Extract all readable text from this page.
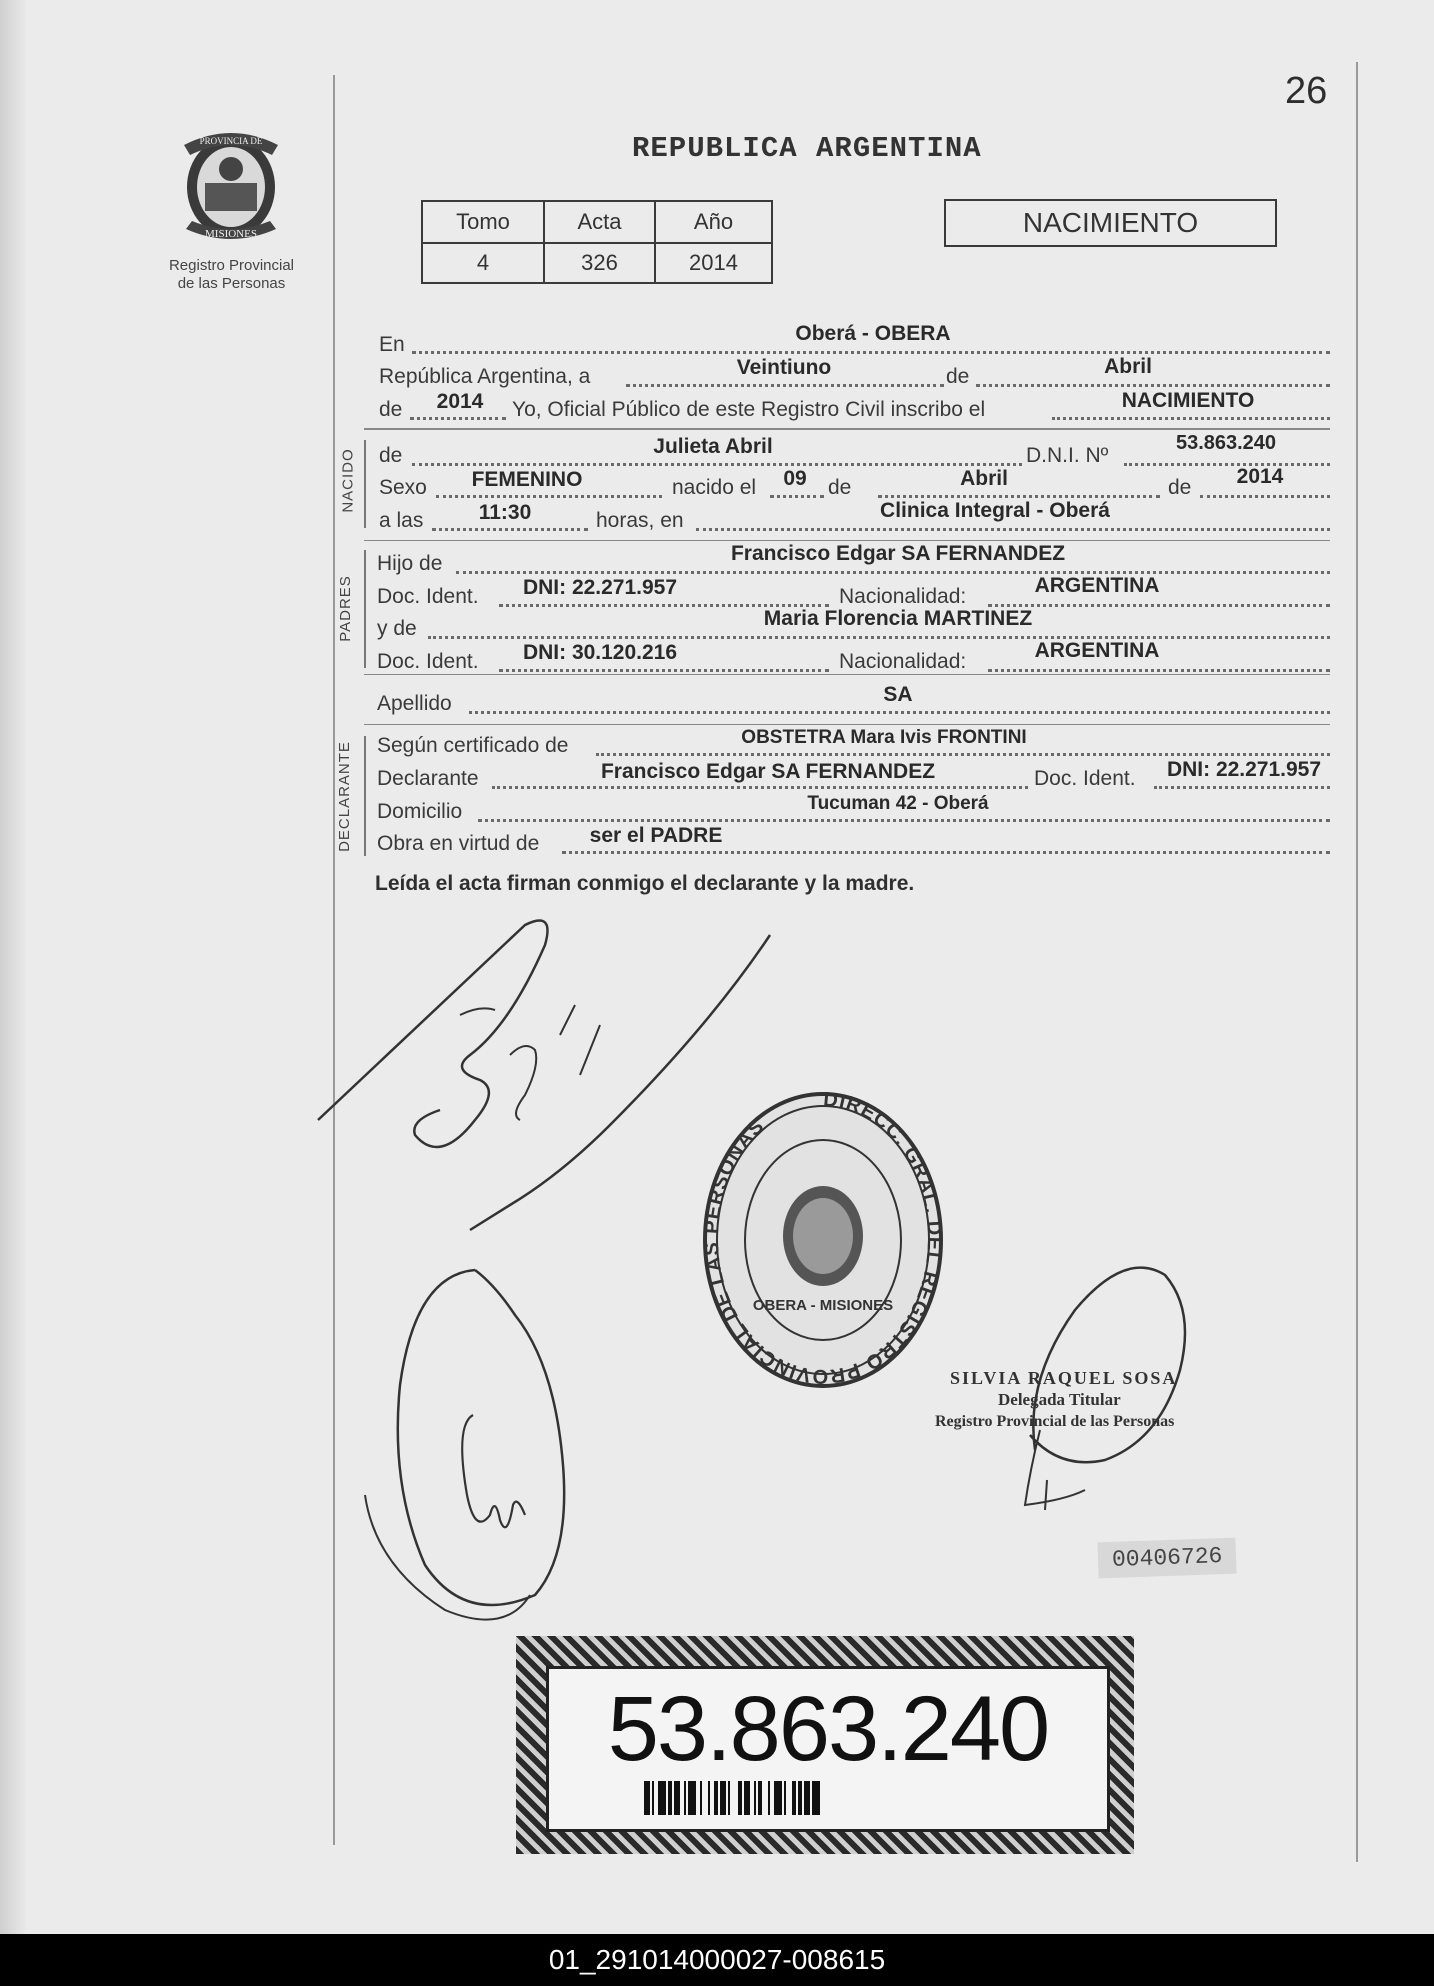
26
PROVINCIA DE
MISIONES
Registro Provincial
de las Personas
REPUBLICA ARGENTINA
Tomo	Acta	Año
4	326	2014
NACIMIENTO
En	Oberá - OBERA
República Argentina, a	Veintiuno	de	Abril
de 2014 Yo, Oficial Público de este Registro Civil inscribo el	NACIMIENTO
NACIDO de	Julieta Abril	D.N.I. Nº
53.863.240
Sexo FEMENINO	nacido el 09 de	Abril	de 2014
a las	11:30	horas, en	Clinica Integral - Oberá
PADRES
Hijo de	Francisco Edgar SA FERNANDEZ
Doc. Ident. DNI: 22.271.957	Nacionalidad:	ARGENTINA
y de	Maria Florencia MARTINEZ
Doc. Ident. DNI: 30.120.216	Nacionalidad:	ARGENTINA
Apellido	SA
DECLARANTE Según certificado de	OBSTETRA Mara Ivis FRONTINI
Declarante	Francisco Edgar SA FERNANDEZ	Doc. Ident. DNI: 22.271.957
Domicilio	Tucuman 42 - Oberá
Obra en virtud de ser el PADRE
Leída el acta firman conmigo el declarante y la madre.
DIRECC. GRAL. DEL REGISTRO PROVINCIAL DE LAS PERSONAS
OBERA - MISIONES
SILVIA RAQUEL SOSA
Delegada Titular
Registro Provincial de las Personas
00406726
53.863.240
01_291014000027-008615
